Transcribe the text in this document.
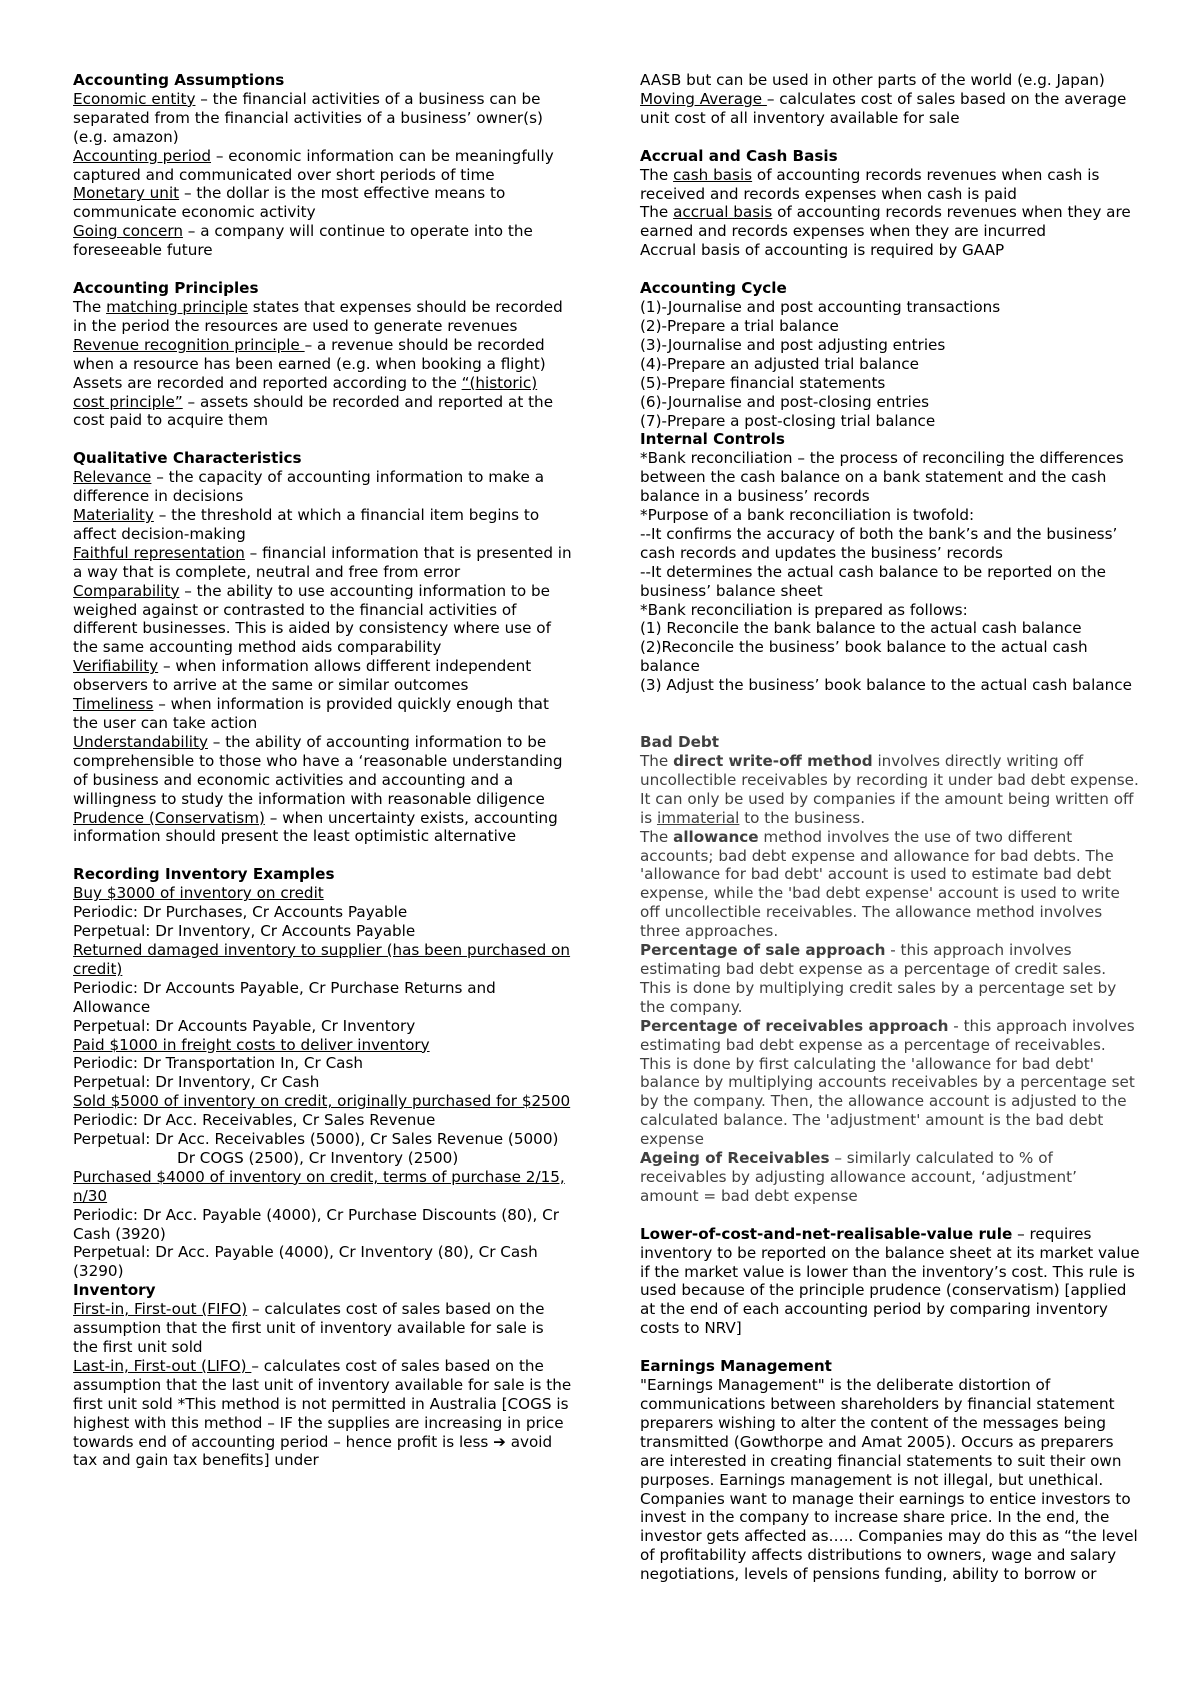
Accounting Assumptions
Economic entity – the financial activities of a business can be separated from the financial activities of a business’ owner(s) (e.g. amazon)
Accounting period – economic information can be meaningfully captured and communicated over short periods of time
Monetary unit – the dollar is the most effective means to communicate economic activity
Going concern – a company will continue to operate into the foreseeable future
Accounting Principles
The matching principle states that expenses should be recorded in the period the resources are used to generate revenues
Revenue recognition principle – a revenue should be recorded when a resource has been earned (e.g. when booking a flight)
Assets are recorded and reported according to the “(historic) cost principle” – assets should be recorded and reported at the cost paid to acquire them
Qualitative Characteristics
Relevance – the capacity of accounting information to make a difference in decisions
Materiality – the threshold at which a financial item begins to affect decision-making
Faithful representation – financial information that is presented in a way that is complete, neutral and free from error
Comparability – the ability to use accounting information to be weighed against or contrasted to the financial activities of different businesses. This is aided by consistency where use of the same accounting method aids comparability
Verifiability – when information allows different independent observers to arrive at the same or similar outcomes
Timeliness – when information is provided quickly enough that the user can take action
Understandability – the ability of accounting information to be comprehensible to those who have a ‘reasonable understanding of business and economic activities and accounting and a willingness to study the information with reasonable diligence
Prudence (Conservatism) – when uncertainty exists, accounting information should present the least optimistic alternative
Recording Inventory Examples
Buy $3000 of inventory on credit
Periodic: Dr Purchases, Cr Accounts Payable
Perpetual: Dr Inventory, Cr Accounts Payable
Returned damaged inventory to supplier (has been purchased on credit)
Periodic: Dr Accounts Payable, Cr Purchase Returns and Allowance
Perpetual: Dr Accounts Payable, Cr Inventory
Paid $1000 in freight costs to deliver inventory
Periodic: Dr Transportation In, Cr Cash
Perpetual: Dr Inventory, Cr Cash
Sold $5000 of inventory on credit, originally purchased for $2500
Periodic: Dr Acc. Receivables, Cr Sales Revenue
Perpetual: Dr Acc. Receivables (5000), Cr Sales Revenue (5000)
Dr COGS (2500), Cr Inventory (2500)
Purchased $4000 of inventory on credit, terms of purchase 2/15, n/30
Periodic: Dr Acc. Payable (4000), Cr Purchase Discounts (80), Cr Cash (3920)
Perpetual: Dr Acc. Payable (4000), Cr Inventory (80), Cr Cash (3290)
Inventory
First-in, First-out (FIFO) – calculates cost of sales based on the assumption that the first unit of inventory available for sale is the first unit sold
Last-in, First-out (LIFO) – calculates cost of sales based on the assumption that the last unit of inventory available for sale is the first unit sold *This method is not permitted in Australia [COGS is highest with this method – IF the supplies are increasing in price towards end of accounting period – hence profit is less ➔ avoid tax and gain tax benefits] under
AASB but can be used in other parts of the world (e.g. Japan)
Moving Average – calculates cost of sales based on the average unit cost of all inventory available for sale
Accrual and Cash Basis
The cash basis of accounting records revenues when cash is received and records expenses when cash is paid
The accrual basis of accounting records revenues when they are earned and records expenses when they are incurred
Accrual basis of accounting is required by GAAP
Accounting Cycle
(1)-Journalise and post accounting transactions
(2)-Prepare a trial balance
(3)-Journalise and post adjusting entries
(4)-Prepare an adjusted trial balance
(5)-Prepare financial statements
(6)-Journalise and post-closing entries
(7)-Prepare a post-closing trial balance
Internal Controls
*Bank reconciliation – the process of reconciling the differences between the cash balance on a bank statement and the cash balance in a business’ records
*Purpose of a bank reconciliation is twofold:
--It confirms the accuracy of both the bank’s and the business’ cash records and updates the business’ records
--It determines the actual cash balance to be reported on the business’ balance sheet
*Bank reconciliation is prepared as follows:
(1) Reconcile the bank balance to the actual cash balance
(2)Reconcile the business’ book balance to the actual cash balance
(3) Adjust the business’ book balance to the actual cash balance
Bad Debt
The direct write-off method involves directly writing off uncollectible receivables by recording it under bad debt expense. It can only be used by companies if the amount being written off is immaterial to the business.
The allowance method involves the use of two different accounts; bad debt expense and allowance for bad debts. The 'allowance for bad debt' account is used to estimate bad debt expense, while the 'bad debt expense' account is used to write off uncollectible receivables. The allowance method involves three approaches.
Percentage of sale approach - this approach involves estimating bad debt expense as a percentage of credit sales. This is done by multiplying credit sales by a percentage set by the company.
Percentage of receivables approach - this approach involves estimating bad debt expense as a percentage of receivables. This is done by first calculating the 'allowance for bad debt' balance by multiplying accounts receivables by a percentage set by the company. Then, the allowance account is adjusted to the calculated balance. The 'adjustment' amount is the bad debt expense
Ageing of Receivables – similarly calculated to % of receivables by adjusting allowance account, ‘adjustment’ amount = bad debt expense
Lower-of-cost-and-net-realisable-value rule – requires inventory to be reported on the balance sheet at its market value if the market value is lower than the inventory’s cost. This rule is used because of the principle prudence (conservatism) [applied at the end of each accounting period by comparing inventory costs to NRV]
Earnings Management
"Earnings Management" is the deliberate distortion of communications between shareholders by financial statement preparers wishing to alter the content of the messages being transmitted (Gowthorpe and Amat 2005). Occurs as preparers are interested in creating financial statements to suit their own purposes. Earnings management is not illegal, but unethical. Companies want to manage their earnings to entice investors to invest in the company to increase share price. In the end, the investor gets affected as….. Companies may do this as “the level of profitability affects distributions to owners, wage and salary negotiations, levels of pensions funding, ability to borrow or
